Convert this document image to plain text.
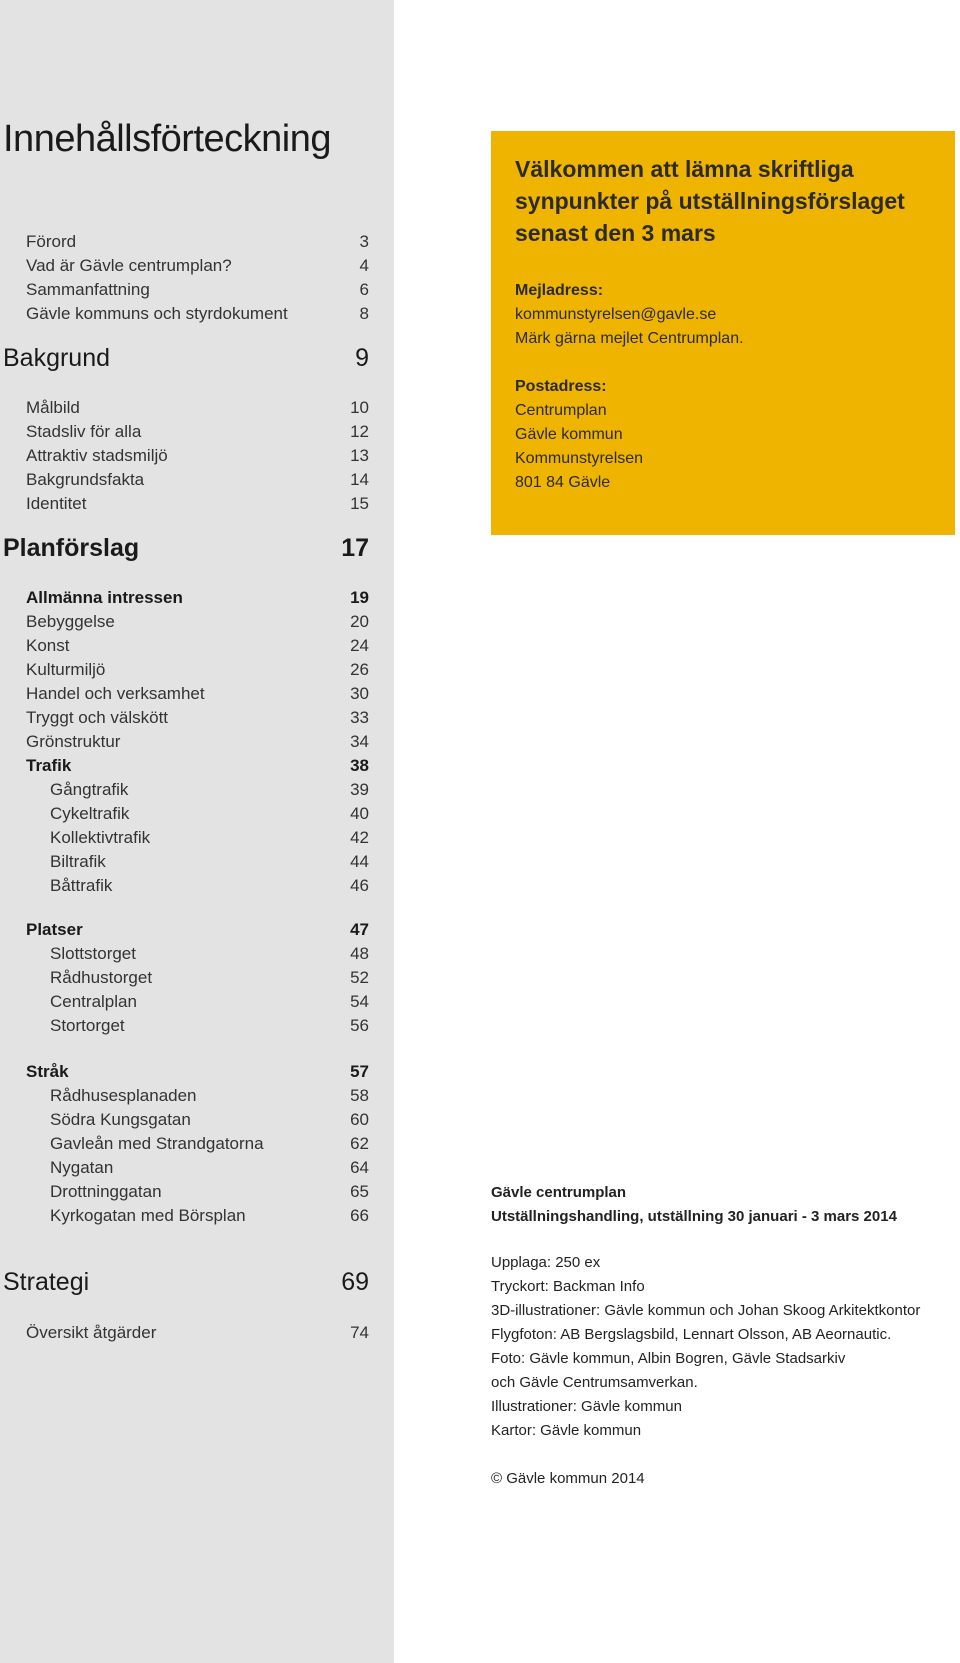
Innehållsförteckning
Förord	3
Vad är Gävle centrumplan?	4
Sammanfattning	6
Gävle kommuns och styrdokument	8
Bakgrund	9
Målbild	10
Stadsliv för alla	12
Attraktiv stadsmiljö	13
Bakgrundsfakta	14
Identitet	15
Planförslag	17
Allmänna intressen	19
Bebyggelse	20
Konst	24
Kulturmiljö	26
Handel och verksamhet	30
Tryggt och välskött	33
Grönstruktur	34
Trafik	38
Gångtrafik	39
Cykeltrafik	40
Kollektivtrafik	42
Biltrafik	44
Båttrafik	46
Platser	47
Slottstorget	48
Rådhustorget	52
Centralplan	54
Stortorget	56
Stråk	57
Rådhusesplanaden	58
Södra Kungsgatan	60
Gavleån med Strandgatorna	62
Nygatan	64
Drottninggatan	65
Kyrkogatan med Börsplan	66
Strategi	69
Översikt åtgärder	74
Välkommen att lämna skriftliga
synpunkter på utställningsförslaget
senast den 3 mars
Mejladress:
kommunstyrelsen@gavle.se
Märk gärna mejlet Centrumplan.
Postadress:
Centrumplan
Gävle kommun
Kommunstyrelsen
801 84 Gävle
Gävle centrumplan
Utställningshandling, utställning 30 januari - 3 mars 2014
Upplaga: 250 ex
Tryckort: Backman Info
3D-illustrationer: Gävle kommun och Johan Skoog Arkitektkontor
Flygfoton: AB Bergslagsbild, Lennart Olsson, AB Aeornautic.
Foto: Gävle kommun, Albin Bogren, Gävle Stadsarkiv
och Gävle Centrumsamverkan.
Illustrationer: Gävle kommun
Kartor: Gävle kommun
© Gävle kommun 2014
